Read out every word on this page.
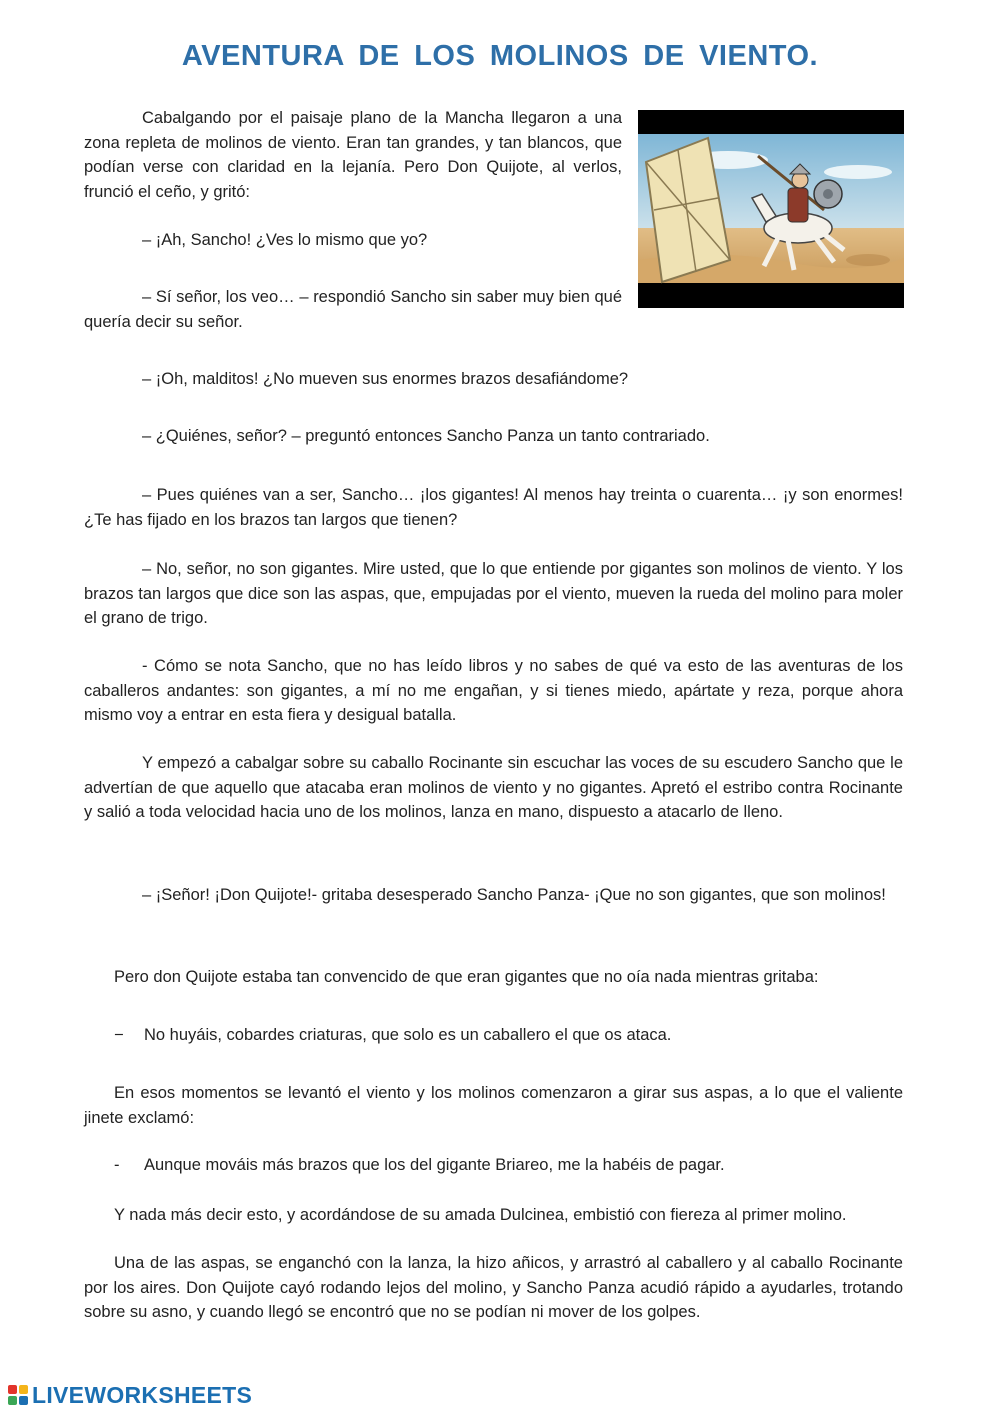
AVENTURA DE LOS MOLINOS DE VIENTO.
Cabalgando por el paisaje plano de la Mancha llegaron a una zona repleta de molinos de viento. Eran tan grandes, y tan blancos, que podían verse con claridad en la lejanía. Pero Don Quijote, al verlos, frunció el ceño, y gritó:
– ¡Ah, Sancho! ¿Ves lo mismo que yo?
– Sí señor, los veo… – respondió Sancho sin saber muy bien qué quería decir su señor.
– ¡Oh, malditos! ¿No mueven sus enormes brazos desafiándome?
– ¿Quiénes, señor? – preguntó entonces Sancho Panza un tanto contrariado.
– Pues quiénes van a ser, Sancho… ¡los gigantes! Al menos hay treinta o cuarenta… ¡y son enormes! ¿Te has fijado en los brazos tan largos que tienen?
– No, señor, no son gigantes. Mire usted, que lo que entiende por gigantes son molinos de viento. Y los brazos tan largos que dice son las aspas, que, empujadas por el viento, mueven la rueda del molino para moler el grano de trigo.
- Cómo se nota Sancho, que no has leído libros y no sabes de qué va esto de las aventuras de los caballeros andantes: son gigantes, a mí no me engañan, y si tienes miedo, apártate y reza, porque ahora mismo voy a entrar en esta fiera y desigual batalla.
Y empezó a cabalgar sobre su caballo Rocinante sin escuchar las voces de su escudero Sancho que le advertían de que aquello que atacaba eran molinos de viento y no gigantes. Apretó el estribo contra Rocinante y salió a toda velocidad hacia uno de los molinos, lanza en mano, dispuesto a atacarlo de lleno.
– ¡Señor! ¡Don Quijote!- gritaba desesperado Sancho Panza- ¡Que no son gigantes, que son molinos!
Pero don Quijote estaba tan convencido de que eran gigantes que no oía nada mientras gritaba:
− No huyáis, cobardes criaturas, que solo es un caballero el que os ataca.
En esos momentos se levantó el viento y los molinos comenzaron a girar sus aspas, a lo que el valiente jinete exclamó:
- Aunque mováis más brazos que los del gigante Briareo, me la habéis de pagar.
Y nada más decir esto, y acordándose de su amada Dulcinea, embistió con fiereza al primer molino.
Una de las aspas, se enganchó con la lanza, la hizo añicos, y arrastró al caballero y al caballo Rocinante por los aires. Don Quijote cayó rodando lejos del molino, y Sancho Panza acudió rápido a ayudarles, trotando sobre su asno, y cuando llegó se encontró que no se podían ni mover de los golpes.
LIVEWORKSHEETS
